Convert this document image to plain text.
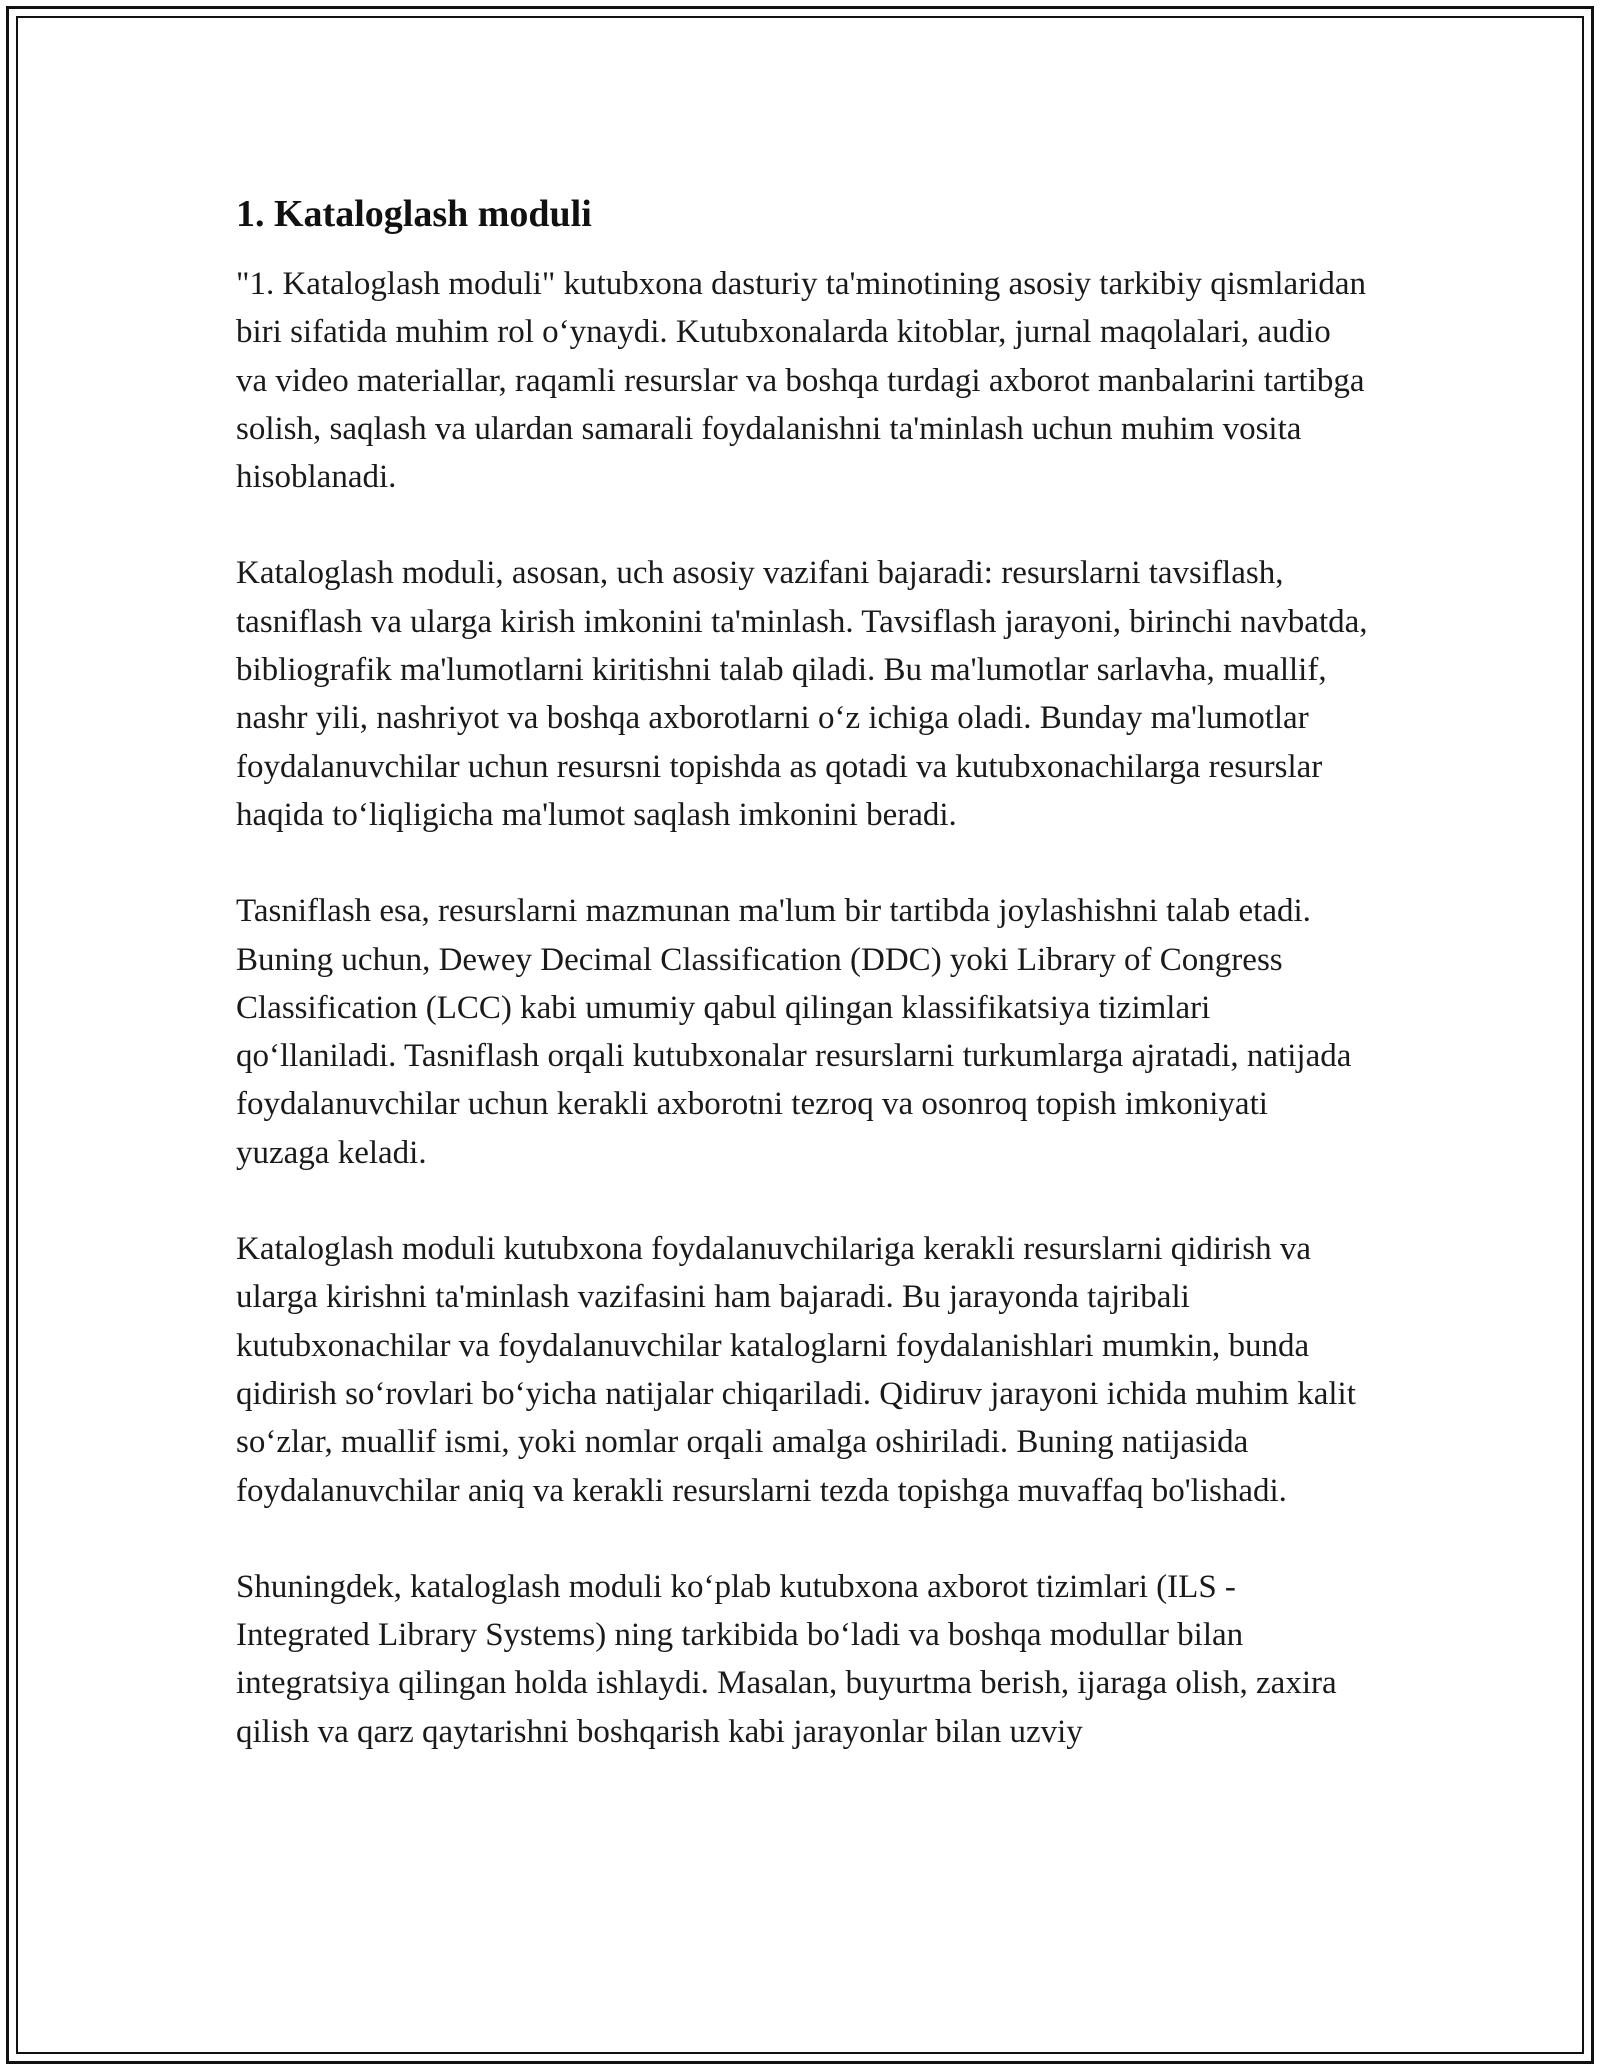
1. Kataloglash moduli

"1. Kataloglash moduli" kutubxona dasturiy ta'minotining asosiy tarkibiy qismlaridan biri sifatida muhim rol o‘ynaydi. Kutubxonalarda kitoblar, jurnal maqolalari, audio va video materiallar, raqamli resurslar va boshqa turdagi axborot manbalarini tartibga solish, saqlash va ulardan samarali foydalanishni ta'minlash uchun muhim vosita hisoblanadi.

Kataloglash moduli, asosan, uch asosiy vazifani bajaradi: resurslarni tavsiflash, tasniflash va ularga kirish imkonini ta'minlash. Tavsiflash jarayoni, birinchi navbatda, bibliografik ma'lumotlarni kiritishni talab qiladi. Bu ma'lumotlar sarlavha, muallif, nashr yili, nashriyot va boshqa axborotlarni o‘z ichiga oladi. Bunday ma'lumotlar foydalanuvchilar uchun resursni topishda as qotadi va kutubxonachilarga resurslar haqida to‘liqligicha ma'lumot saqlash imkonini beradi.

Tasniflash esa, resurslarni mazmunan ma'lum bir tartibda joylashishni talab etadi. Buning uchun, Dewey Decimal Classification (DDC) yoki Library of Congress Classification (LCC) kabi umumiy qabul qilingan klassifikatsiya tizimlari qo‘llaniladi. Tasniflash orqali kutubxonalar resurslarni turkumlarga ajratadi, natijada foydalanuvchilar uchun kerakli axborotni tezroq va osonroq topish imkoniyati yuzaga keladi.

Kataloglash moduli kutubxona foydalanuvchilariga kerakli resurslarni qidirish va ularga kirishni ta'minlash vazifasini ham bajaradi. Bu jarayonda tajribali kutubxonachilar va foydalanuvchilar kataloglarni foydalanishlari mumkin, bunda qidirish so‘rovlari bo‘yicha natijalar chiqariladi. Qidiruv jarayoni ichida muhim kalit so‘zlar, muallif ismi, yoki nomlar orqali amalga oshiriladi. Buning natijasida foydalanuvchilar aniq va kerakli resurslarni tezda topishga muvaffaq bo'lishadi.

Shuningdek, kataloglash moduli ko‘plab kutubxona axborot tizimlari (ILS - Integrated Library Systems) ning tarkibida bo‘ladi va boshqa modullar bilan integratsiya qilingan holda ishlaydi. Masalan, buyurtma berish, ijaraga olish, zaxira qilish va qarz qaytarishni boshqarish kabi jarayonlar bilan uzviy
